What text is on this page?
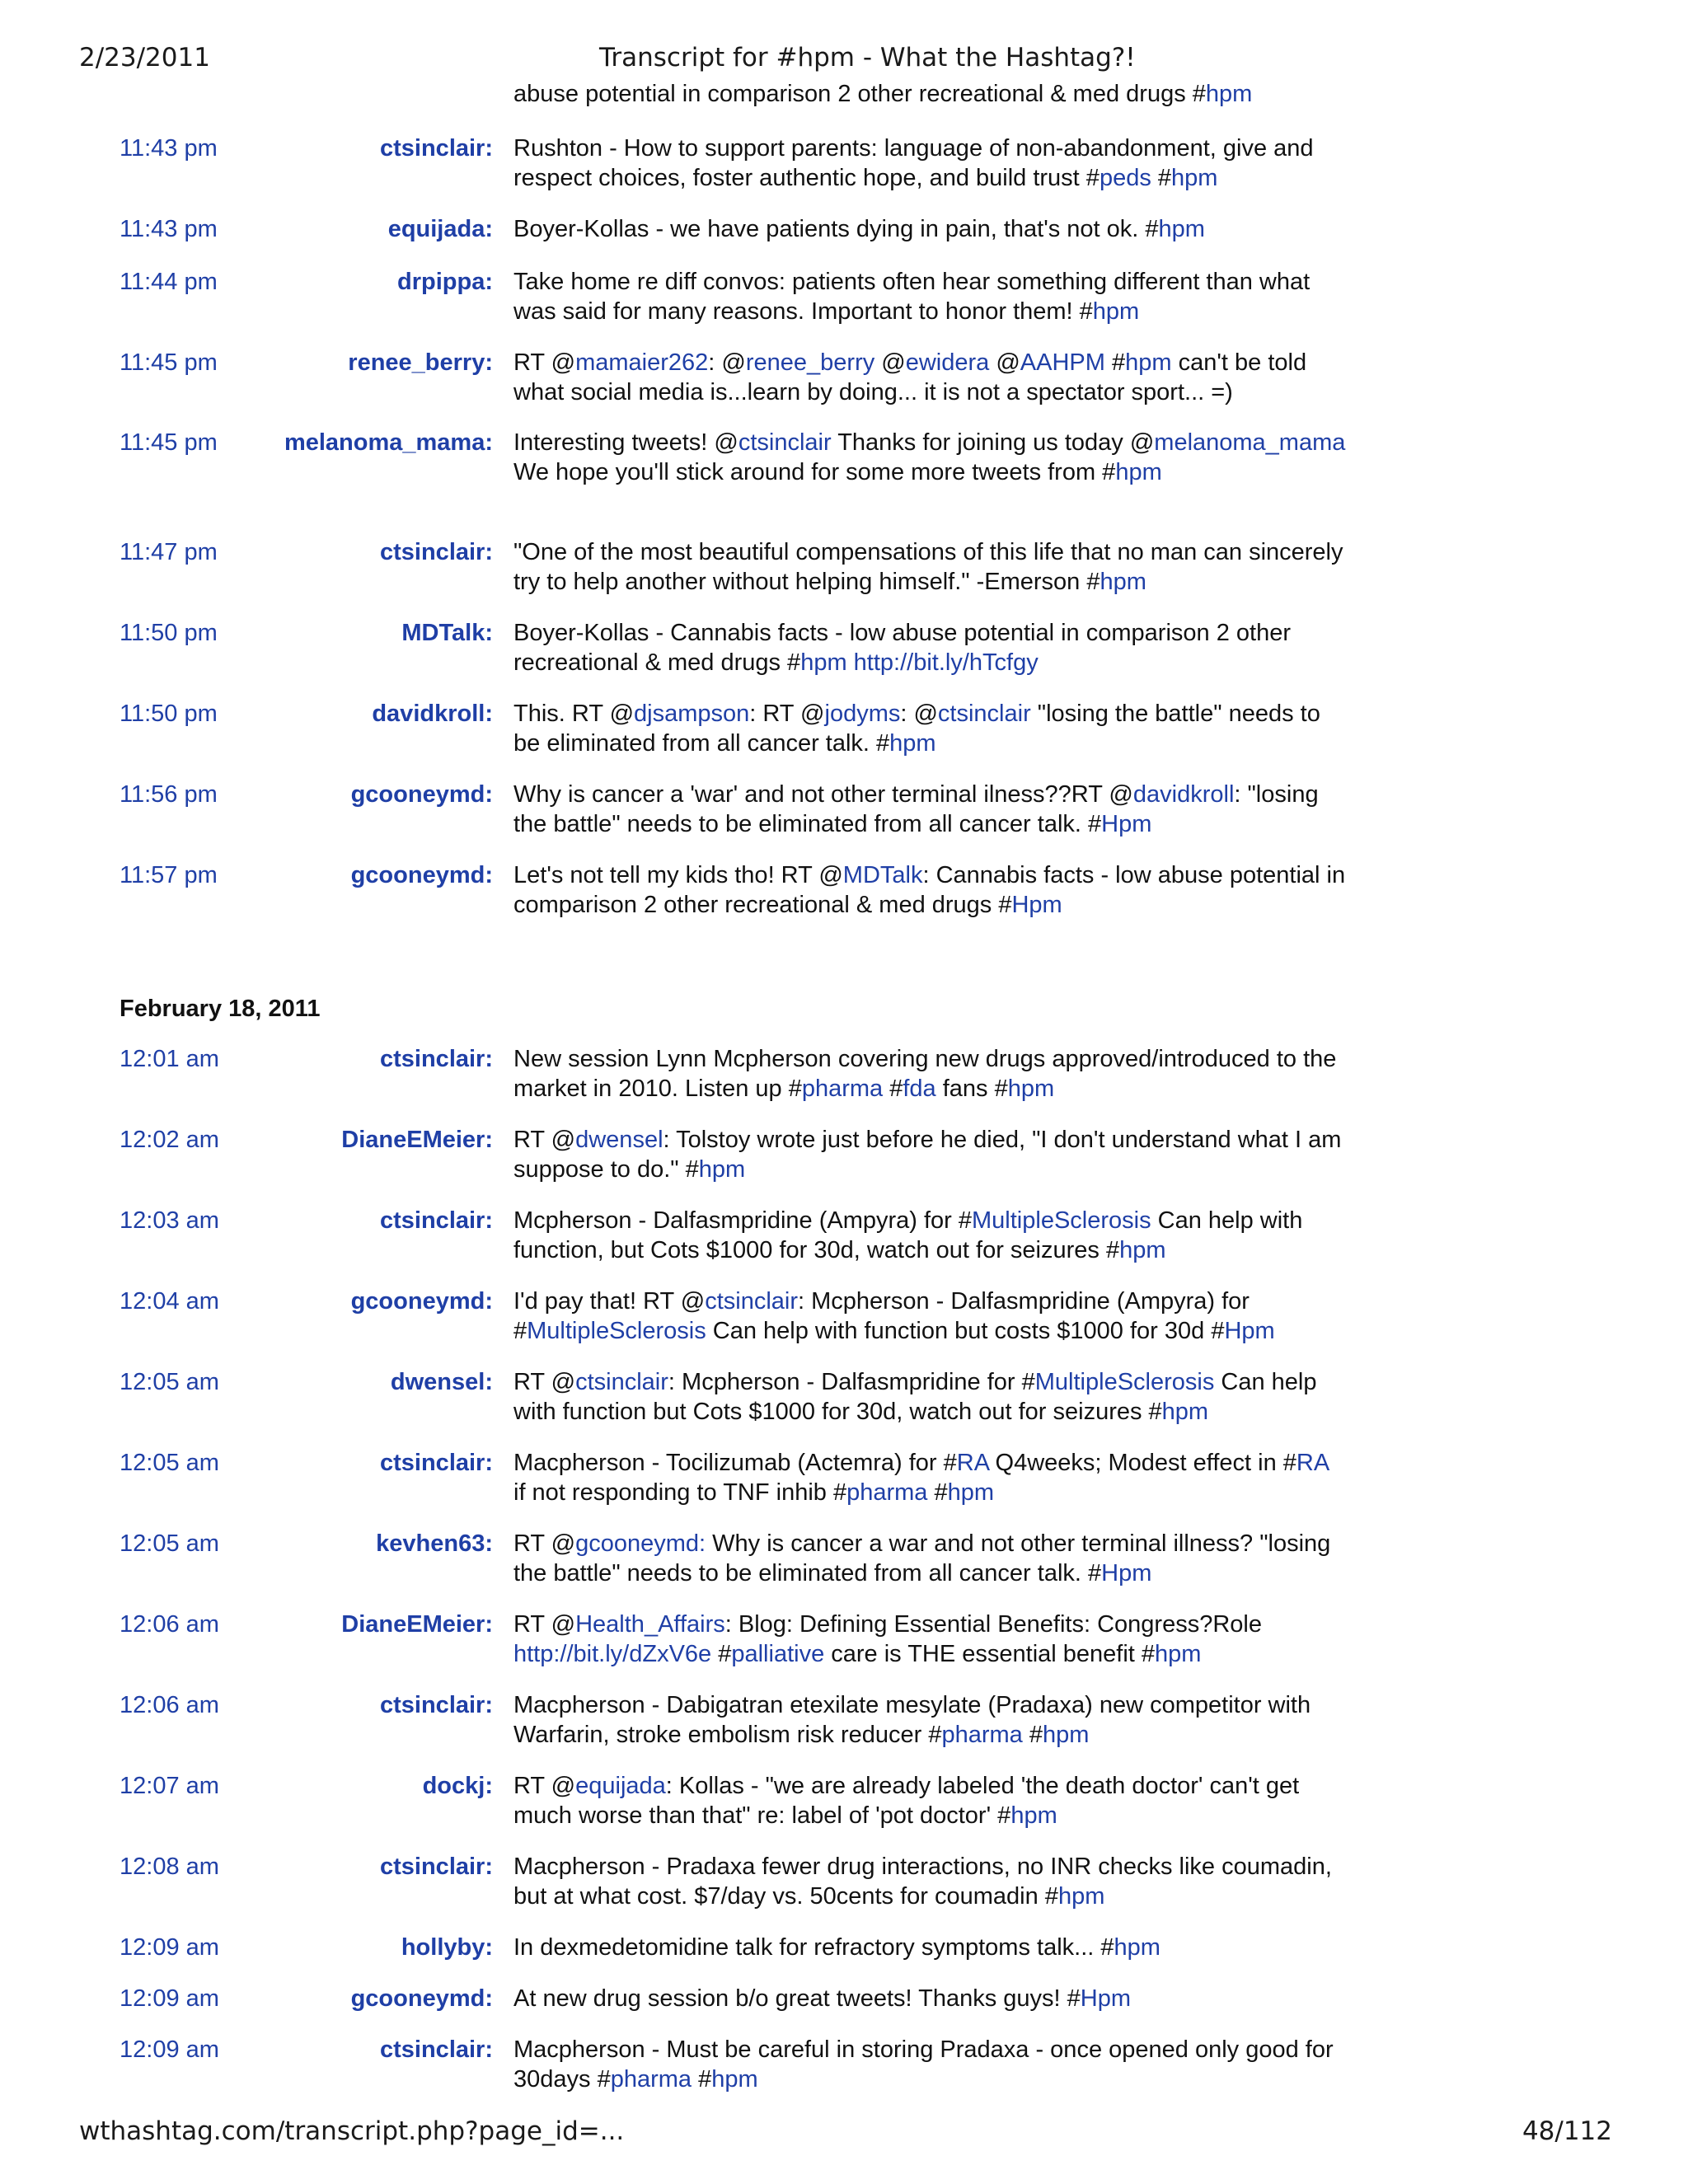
2/23/2011	Transcript for #hpm - What the Hashtag?!
abuse potential in comparison 2 other recreational & med drugs #hpm
February 18, 2011
11:43 pm	ctsinclair: Rushton - How to support parents: language of non-abandonment, give and respect choices, foster authentic hope, and build trust #peds #hpm
11:43 pm	equijada: Boyer-Kollas - we have patients dying in pain, that's not ok. #hpm
11:44 pm	drpippa: Take home re diff convos: patients often hear something different than what was said for many reasons. Important to honor them! #hpm
11:45 pm	renee_berry: RT @mamaier262: @renee_berry @ewidera @AAHPM #hpm can't be told what social media is...learn by doing... it is not a spectator sport... =)
11:45 pm	melanoma_mama: Interesting tweets! @ctsinclair Thanks for joining us today @melanoma_mama We hope you'll stick around for some more tweets from #hpm
11:47 pm	ctsinclair: "One of the most beautiful compensations of this life that no man can sincerely try to help another without helping himself." -Emerson #hpm
11:50 pm	MDTalk: Boyer-Kollas - Cannabis facts - low abuse potential in comparison 2 other recreational & med drugs #hpm http://bit.ly/hTcfgy
11:50 pm	davidkroll: This. RT @djsampson: RT @jodyms: @ctsinclair "losing the battle" needs to be eliminated from all cancer talk. #hpm
11:56 pm	gcooneymd: Why is cancer a 'war' and not other terminal ilness??RT @davidkroll: "losing the battle" needs to be eliminated from all cancer talk. #Hpm
11:57 pm	gcooneymd: Let's not tell my kids tho! RT @MDTalk: Cannabis facts - low abuse potential in comparison 2 other recreational & med drugs #Hpm
12:01 am	ctsinclair: New session Lynn Mcpherson covering new drugs approved/introduced to the market in 2010. Listen up #pharma #fda fans #hpm
12:02 am	DianeEMeier: RT @dwensel: Tolstoy wrote just before he died, "I don't understand what I am suppose to do." #hpm
12:03 am	ctsinclair: Mcpherson - Dalfasmpridine (Ampyra) for #MultipleSclerosis Can help with function, but Cots $1000 for 30d, watch out for seizures #hpm
12:04 am	gcooneymd: I'd pay that! RT @ctsinclair: Mcpherson - Dalfasmpridine (Ampyra) for #MultipleSclerosis Can help with function but costs $1000 for 30d #Hpm
12:05 am	dwensel: RT @ctsinclair: Mcpherson - Dalfasmpridine for #MultipleSclerosis Can help with function but Cots $1000 for 30d, watch out for seizures #hpm
12:05 am	ctsinclair: Macpherson - Tocilizumab (Actemra) for #RA Q4weeks; Modest effect in #RA if not responding to TNF inhib #pharma #hpm
12:05 am	kevhen63: RT @gcooneymd: Why is cancer a war and not other terminal illness? "losing the battle" needs to be eliminated from all cancer talk. #Hpm
12:06 am	DianeEMeier: RT @Health_Affairs: Blog: Defining Essential Benefits: Congress?Role http://bit.ly/dZxV6e #palliative care is THE essential benefit #hpm
12:06 am	ctsinclair: Macpherson - Dabigatran etexilate mesylate (Pradaxa) new competitor with Warfarin, stroke embolism risk reducer #pharma #hpm
12:07 am	dockj: RT @equijada: Kollas - "we are already labeled 'the death doctor' can't get much worse than that" re: label of 'pot doctor' #hpm
12:08 am	ctsinclair: Macpherson - Pradaxa fewer drug interactions, no INR checks like coumadin, but at what cost. $7/day vs. 50cents for coumadin #hpm
12:09 am	hollyby: In dexmedetomidine talk for refractory symptoms talk... #hpm
12:09 am	gcooneymd: At new drug session b/o great tweets! Thanks guys! #Hpm
12:09 am	ctsinclair: Macpherson - Must be careful in storing Pradaxa - once opened only good for 30days #pharma #hpm
wthashtag.com/transcript.php?page_id=...	48/112
